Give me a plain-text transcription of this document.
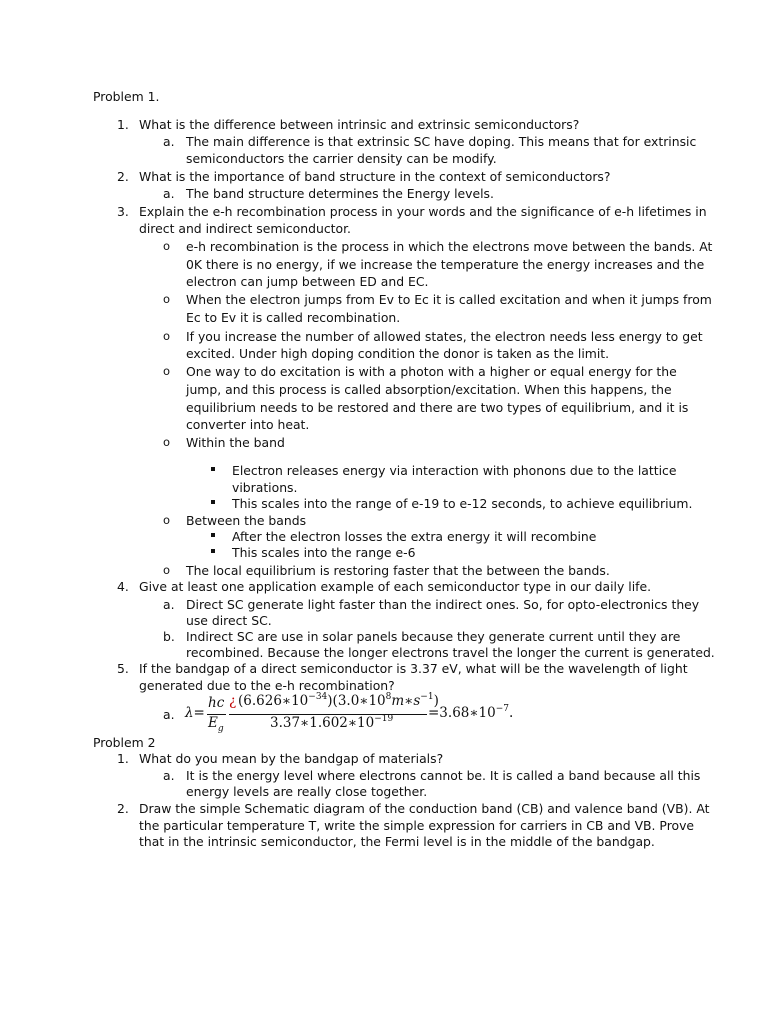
Problem 1.
1. What is the difference between intrinsic and extrinsic semiconductors?
a. The main difference is that extrinsic SC have doping. This means that for extrinsic
semiconductors the carrier density can be modify.
2. What is the importance of band structure in the context of semiconductors?
a. The band structure determines the Energy levels.
3. Explain the e-h recombination process in your words and the significance of e-h lifetimes in
direct and indirect semiconductor.
o e-h recombination is the process in which the electrons move between the bands. At
0K there is no energy, if we increase the temperature the energy increases and the
electron can jump between ED and EC.
o When the electron jumps from Ev to Ec it is called excitation and when it jumps from
Ec to Ev it is called recombination.
o If you increase the number of allowed states, the electron needs less energy to get
excited. Under high doping condition the donor is taken as the limit.
o One way to do excitation is with a photon with a higher or equal energy for the
jump, and this process is called absorption/excitation. When this happens, the
equilibrium needs to be restored and there are two types of equilibrium, and it is
converter into heat.
o Within the band
Electron releases energy via interaction with phonons due to the lattice
vibrations.
This scales into the range of e-19 to e-12 seconds, to achieve equilibrium.
o Between the bands
After the electron losses the extra energy it will recombine
This scales into the range e-6
o The local equilibrium is restoring faster that the between the bands.
4. Give at least one application example of each semiconductor type in our daily life.
a. Direct SC generate light faster than the indirect ones. So, for opto-electronics they
use direct SC.
b. Indirect SC are use in solar panels because they generate current until they are
recombined. Because the longer electrons travel the longer the current is generated.
5. If the bandgap of a direct semiconductor is 3.37 eV, what will be the wavelength of light
generated due to the e-h recombination?
a. λ=
hc
$E_g$
¿ $(6.626∗10^{-34})(3.0∗10^8m∗s^{-1})$
$3.37∗1.602∗10^{-19}$	$=3.68∗10^{-7}$.
Problem 2
1. What do you mean by the bandgap of materials?
a. It is the energy level where electrons cannot be. It is called a band because all this
energy levels are really close together.
2. Draw the simple Schematic diagram of the conduction band (CB) and valence band (VB). At
the particular temperature T, write the simple expression for carriers in CB and VB. Prove
that in the intrinsic semiconductor, the Fermi level is in the middle of the bandgap.
